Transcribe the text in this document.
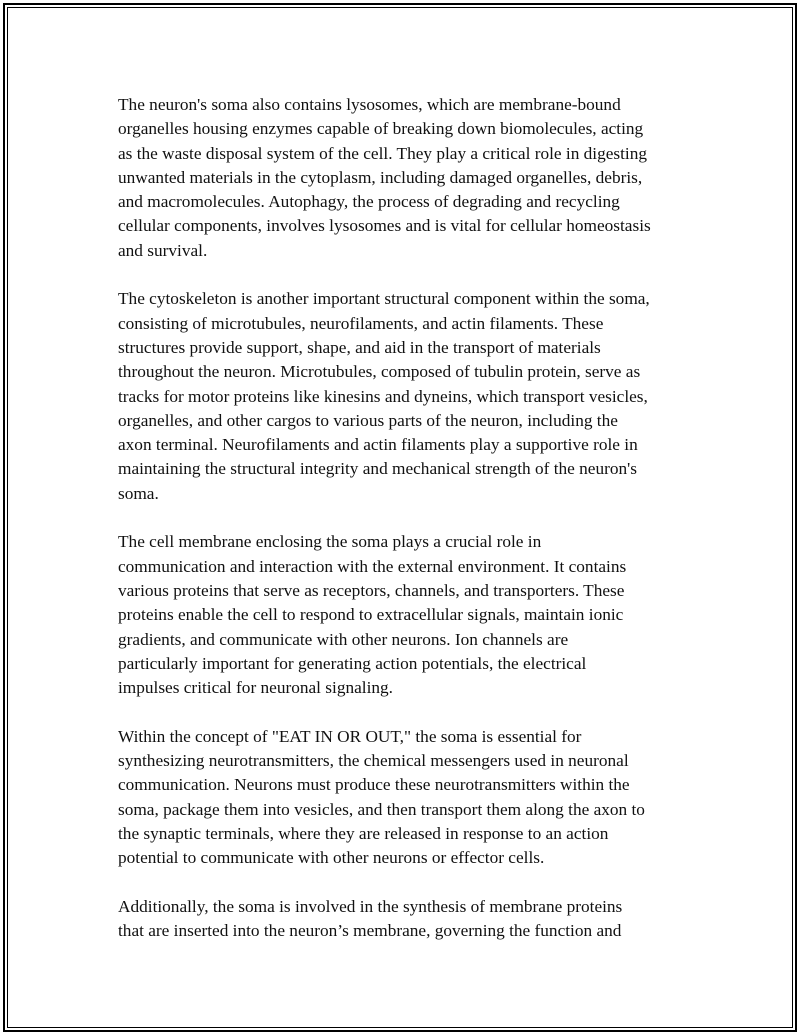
The neuron's soma also contains lysosomes, which are membrane-bound
organelles housing enzymes capable of breaking down biomolecules, acting
as the waste disposal system of the cell. They play a critical role in digesting
unwanted materials in the cytoplasm, including damaged organelles, debris,
and macromolecules. Autophagy, the process of degrading and recycling
cellular components, involves lysosomes and is vital for cellular homeostasis
and survival.

The cytoskeleton is another important structural component within the soma,
consisting of microtubules, neurofilaments, and actin filaments. These
structures provide support, shape, and aid in the transport of materials
throughout the neuron. Microtubules, composed of tubulin protein, serve as
tracks for motor proteins like kinesins and dyneins, which transport vesicles,
organelles, and other cargos to various parts of the neuron, including the
axon terminal. Neurofilaments and actin filaments play a supportive role in
maintaining the structural integrity and mechanical strength of the neuron's
soma.

The cell membrane enclosing the soma plays a crucial role in
communication and interaction with the external environment. It contains
various proteins that serve as receptors, channels, and transporters. These
proteins enable the cell to respond to extracellular signals, maintain ionic
gradients, and communicate with other neurons. Ion channels are
particularly important for generating action potentials, the electrical
impulses critical for neuronal signaling.

Within the concept of "EAT IN OR OUT," the soma is essential for
synthesizing neurotransmitters, the chemical messengers used in neuronal
communication. Neurons must produce these neurotransmitters within the
soma, package them into vesicles, and then transport them along the axon to
the synaptic terminals, where they are released in response to an action
potential to communicate with other neurons or effector cells.

Additionally, the soma is involved in the synthesis of membrane proteins
that are inserted into the neuron’s membrane, governing the function and
